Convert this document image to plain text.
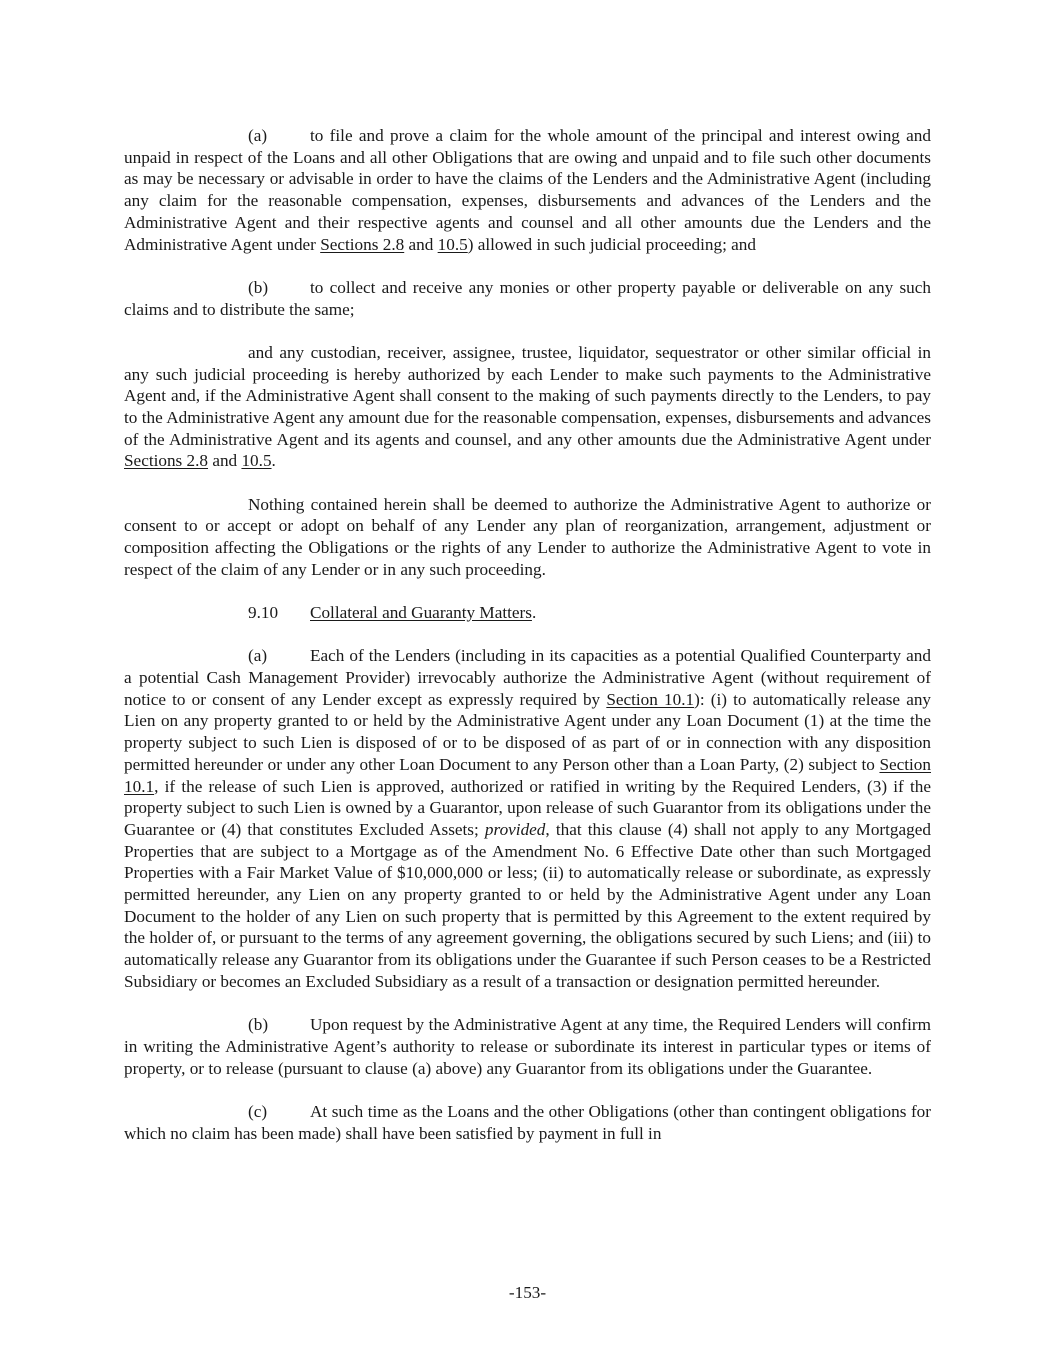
(a) to file and prove a claim for the whole amount of the principal and interest owing and unpaid in respect of the Loans and all other Obligations that are owing and unpaid and to file such other documents as may be necessary or advisable in order to have the claims of the Lenders and the Administrative Agent (including any claim for the reasonable compensation, expenses, disbursements and advances of the Lenders and the Administrative Agent and their respective agents and counsel and all other amounts due the Lenders and the Administrative Agent under Sections 2.8 and 10.5) allowed in such judicial proceeding; and

(b) to collect and receive any monies or other property payable or deliverable on any such claims and to distribute the same;

and any custodian, receiver, assignee, trustee, liquidator, sequestrator or other similar official in any such judicial proceeding is hereby authorized by each Lender to make such payments to the Administrative Agent and, if the Administrative Agent shall consent to the making of such payments directly to the Lenders, to pay to the Administrative Agent any amount due for the reasonable compensation, expenses, disbursements and advances of the Administrative Agent and its agents and counsel, and any other amounts due the Administrative Agent under Sections 2.8 and 10.5.

Nothing contained herein shall be deemed to authorize the Administrative Agent to authorize or consent to or accept or adopt on behalf of any Lender any plan of reorganization, arrangement, adjustment or composition affecting the Obligations or the rights of any Lender to authorize the Administrative Agent to vote in respect of the claim of any Lender or in any such proceeding.

9.10 Collateral and Guaranty Matters.

(a) Each of the Lenders (including in its capacities as a potential Qualified Counterparty and a potential Cash Management Provider) irrevocably authorize the Administrative Agent (without requirement of notice to or consent of any Lender except as expressly required by Section 10.1): (i) to automatically release any Lien on any property granted to or held by the Administrative Agent under any Loan Document (1) at the time the property subject to such Lien is disposed of or to be disposed of as part of or in connection with any disposition permitted hereunder or under any other Loan Document to any Person other than a Loan Party, (2) subject to Section 10.1, if the release of such Lien is approved, authorized or ratified in writing by the Required Lenders, (3) if the property subject to such Lien is owned by a Guarantor, upon release of such Guarantor from its obligations under the Guarantee or (4) that constitutes Excluded Assets; provided, that this clause (4) shall not apply to any Mortgaged Properties that are subject to a Mortgage as of the Amendment No. 6 Effective Date other than such Mortgaged Properties with a Fair Market Value of $10,000,000 or less; (ii) to automatically release or subordinate, as expressly permitted hereunder, any Lien on any property granted to or held by the Administrative Agent under any Loan Document to the holder of any Lien on such property that is permitted by this Agreement to the extent required by the holder of, or pursuant to the terms of any agreement governing, the obligations secured by such Liens; and (iii) to automatically release any Guarantor from its obligations under the Guarantee if such Person ceases to be a Restricted Subsidiary or becomes an Excluded Subsidiary as a result of a transaction or designation permitted hereunder.

(b) Upon request by the Administrative Agent at any time, the Required Lenders will confirm in writing the Administrative Agent’s authority to release or subordinate its interest in particular types or items of property, or to release (pursuant to clause (a) above) any Guarantor from its obligations under the Guarantee.

(c) At such time as the Loans and the other Obligations (other than contingent obligations for which no claim has been made) shall have been satisfied by payment in full in

-153-
